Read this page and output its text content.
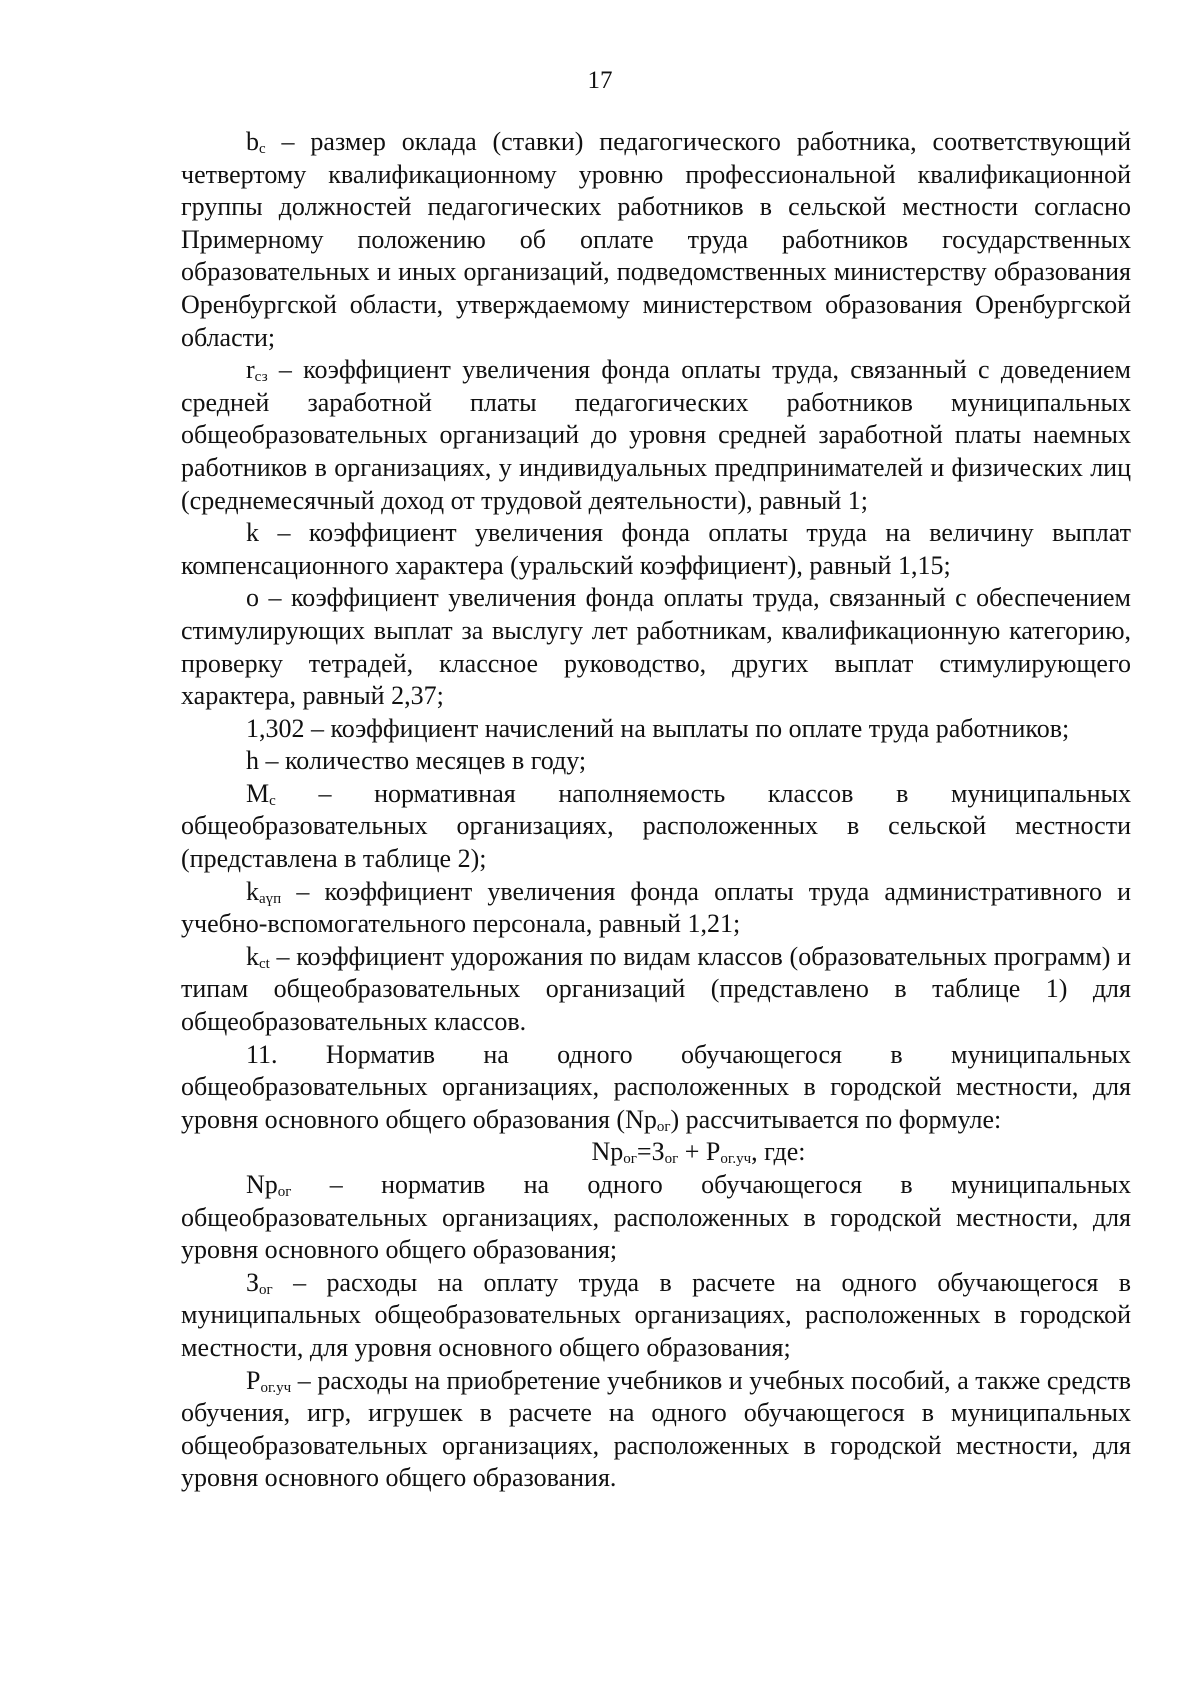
17

$b_c$ – размер оклада (ставки) педагогического работника, соответствующий четвертому квалификационному уровню профессиональной квалификационной группы должностей педагогических работников в сельской местности согласно Примерному положению об оплате труда работников государственных образовательных и иных организаций, подведомственных министерству образования Оренбургской области, утверждаемому министерством образования Оренбургской области;

$r_{сз}$ – коэффициент увеличения фонда оплаты труда, связанный с доведением средней заработной платы педагогических работников муниципальных общеобразовательных организаций до уровня средней заработной платы наемных работников в организациях, у индивидуальных предпринимателей и физических лиц (среднемесячный доход от трудовой деятельности), равный 1;

k – коэффициент увеличения фонда оплаты труда на величину выплат компенсационного характера (уральский коэффициент), равный 1,15;

o – коэффициент увеличения фонда оплаты труда, связанный с обеспечением стимулирующих выплат за выслугу лет работникам, квалификационную категорию, проверку тетрадей, классное руководство, других выплат стимулирующего характера, равный 2,37;

1,302 – коэффициент начислений на выплаты по оплате труда работников;

h – количество месяцев в году;

$M_c$ – нормативная наполняемость классов в муниципальных общеобразовательных организациях, расположенных в сельской местности (представлена в таблице 2);

$k_{аүп}$ – коэффициент увеличения фонда оплаты труда административного и учебно-вспомогательного персонала, равный 1,21;

$k_{ct}$ – коэффициент удорожания по видам классов (образовательных программ) и типам общеобразовательных организаций (представлено в таблице 1) для общеобразовательных классов.

11. Норматив на одного обучающегося в муниципальных общеобразовательных организациях, расположенных в городской местности, для уровня основного общего образования $(Np_{ог})$ рассчитывается по формуле:

$Np_{ог}=З_{ог} + P_{ог.уч}$, где:

$Np_{ог}$ – норматив на одного обучающегося в муниципальных общеобразовательных организациях, расположенных в городской местности, для уровня основного общего образования;

$З_{ог}$ – расходы на оплату труда в расчете на одного обучающегося в муниципальных общеобразовательных организациях, расположенных в городской местности, для уровня основного общего образования;

$P_{ог.уч}$ – расходы на приобретение учебников и учебных пособий, а также средств обучения, игр, игрушек в расчете на одного обучающегося в муниципальных общеобразовательных организациях, расположенных в городской местности, для уровня основного общего образования.
